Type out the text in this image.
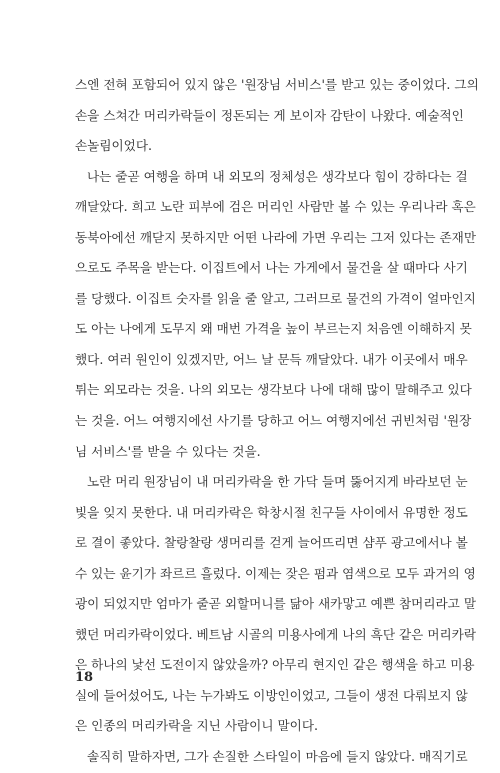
스엔 전혀 포함되어 있지 않은 '원장님 서비스'를 받고 있는 중이었다. 그의
손을 스쳐간 머리카락들이 정돈되는 게 보이자 감탄이 나왔다. 예술적인
손놀림이었다.
나는 줄곧 여행을 하며 내 외모의 정체성은 생각보다 힘이 강하다는 걸
깨달았다. 희고 노란 피부에 검은 머리인 사람만 볼 수 있는 우리나라 혹은
동북아에선 깨닫지 못하지만 어떤 나라에 가면 우리는 그저 있다는 존재만
으로도 주목을 받는다. 이집트에서 나는 가게에서 물건을 살 때마다 사기
를 당했다. 이집트 숫자를 읽을 줄 알고, 그러므로 물건의 가격이 얼마인지
도 아는 나에게 도무지 왜 매번 가격을 높이 부르는지 처음엔 이해하지 못
했다. 여러 원인이 있겠지만, 어느 날 문득 깨달았다. 내가 이곳에서 매우
튀는 외모라는 것을. 나의 외모는 생각보다 나에 대해 많이 말해주고 있다
는 것을. 어느 여행지에선 사기를 당하고 어느 여행지에선 귀빈처럼 '원장
님 서비스'를 받을 수 있다는 것을.
노란 머리 원장님이 내 머리카락을 한 가닥 들며 뚫어지게 바라보던 눈
빛을 잊지 못한다. 내 머리카락은 학창시절 친구들 사이에서 유명한 정도
로 결이 좋았다. 찰랑찰랑 생머리를 걷게 늘어뜨리면 샴푸 광고에서나 볼
수 있는 윤기가 좌르르 흘렀다. 이제는 잦은 펌과 염색으로 모두 과거의 영
광이 되었지만 엄마가 줄곧 외할머니를 닮아 새카맣고 예쁜 참머리라고 말
했던 머리카락이었다. 베트남 시골의 미용사에게 나의 흑단 같은 머리카락
은 하나의 낯선 도전이지 않았을까? 아무리 현지인 같은 행색을 하고 미용
실에 들어섰어도, 나는 누가봐도 이방인이었고, 그들이 생전 다뤄보지 않
은 인종의 머리카락을 지닌 사람이니 말이다.
솔직히 말하자면, 그가 손질한 스타일이 마음에 들지 않았다. 매직기로
18
